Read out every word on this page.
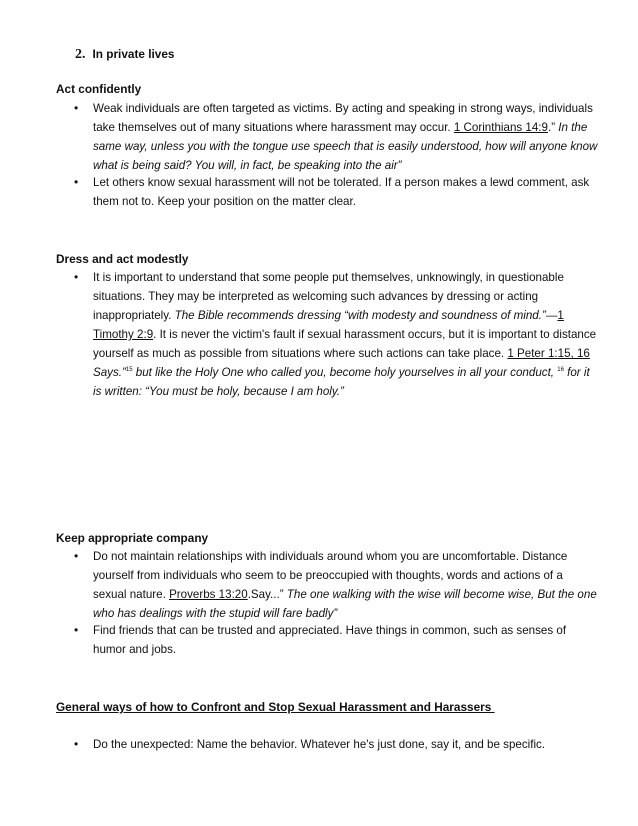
2. In private lives
Act confidently
•	Weak individuals are often targeted as victims. By acting and speaking in strong ways, individuals take themselves out of many situations where harassment may occur. 1 Corinthians 14:9.” In the same way, unless you with the tongue use speech that is easily understood, how will anyone know what is being said? You will, in fact, be speaking into the air”
•	Let others know sexual harassment will not be tolerated. If a person makes a lewd comment, ask them not to. Keep your position on the matter clear.
Dress and act modestly
•	It is important to understand that some people put themselves, unknowingly, in questionable situations. They may be interpreted as welcoming such advances by dressing or acting inappropriately. The Bible recommends dressing “with modesty and soundness of mind.”—1 Timothy 2:9. It is never the victim's fault if sexual harassment occurs, but it is important to distance yourself as much as possible from situations where such actions can take place. 1 Peter 1:15, 16 Says.”$^{15}$ but like the Holy One who called you, become holy yourselves in all your conduct, $^{16}$ for it is written: “You must be holy, because I am holy.”
Keep appropriate company
•	Do not maintain relationships with individuals around whom you are uncomfortable. Distance yourself from individuals who seem to be preoccupied with thoughts, words and actions of a sexual nature. Proverbs 13:20.Say...” The one walking with the wise will become wise, But the one who has dealings with the stupid will fare badly”
•	Find friends that can be trusted and appreciated. Have things in common, such as senses of humor and jobs.
General ways of how to Confront and Stop Sexual Harassment and Harassers
•	Do the unexpected: Name the behavior. Whatever he's just done, say it, and be specific.
